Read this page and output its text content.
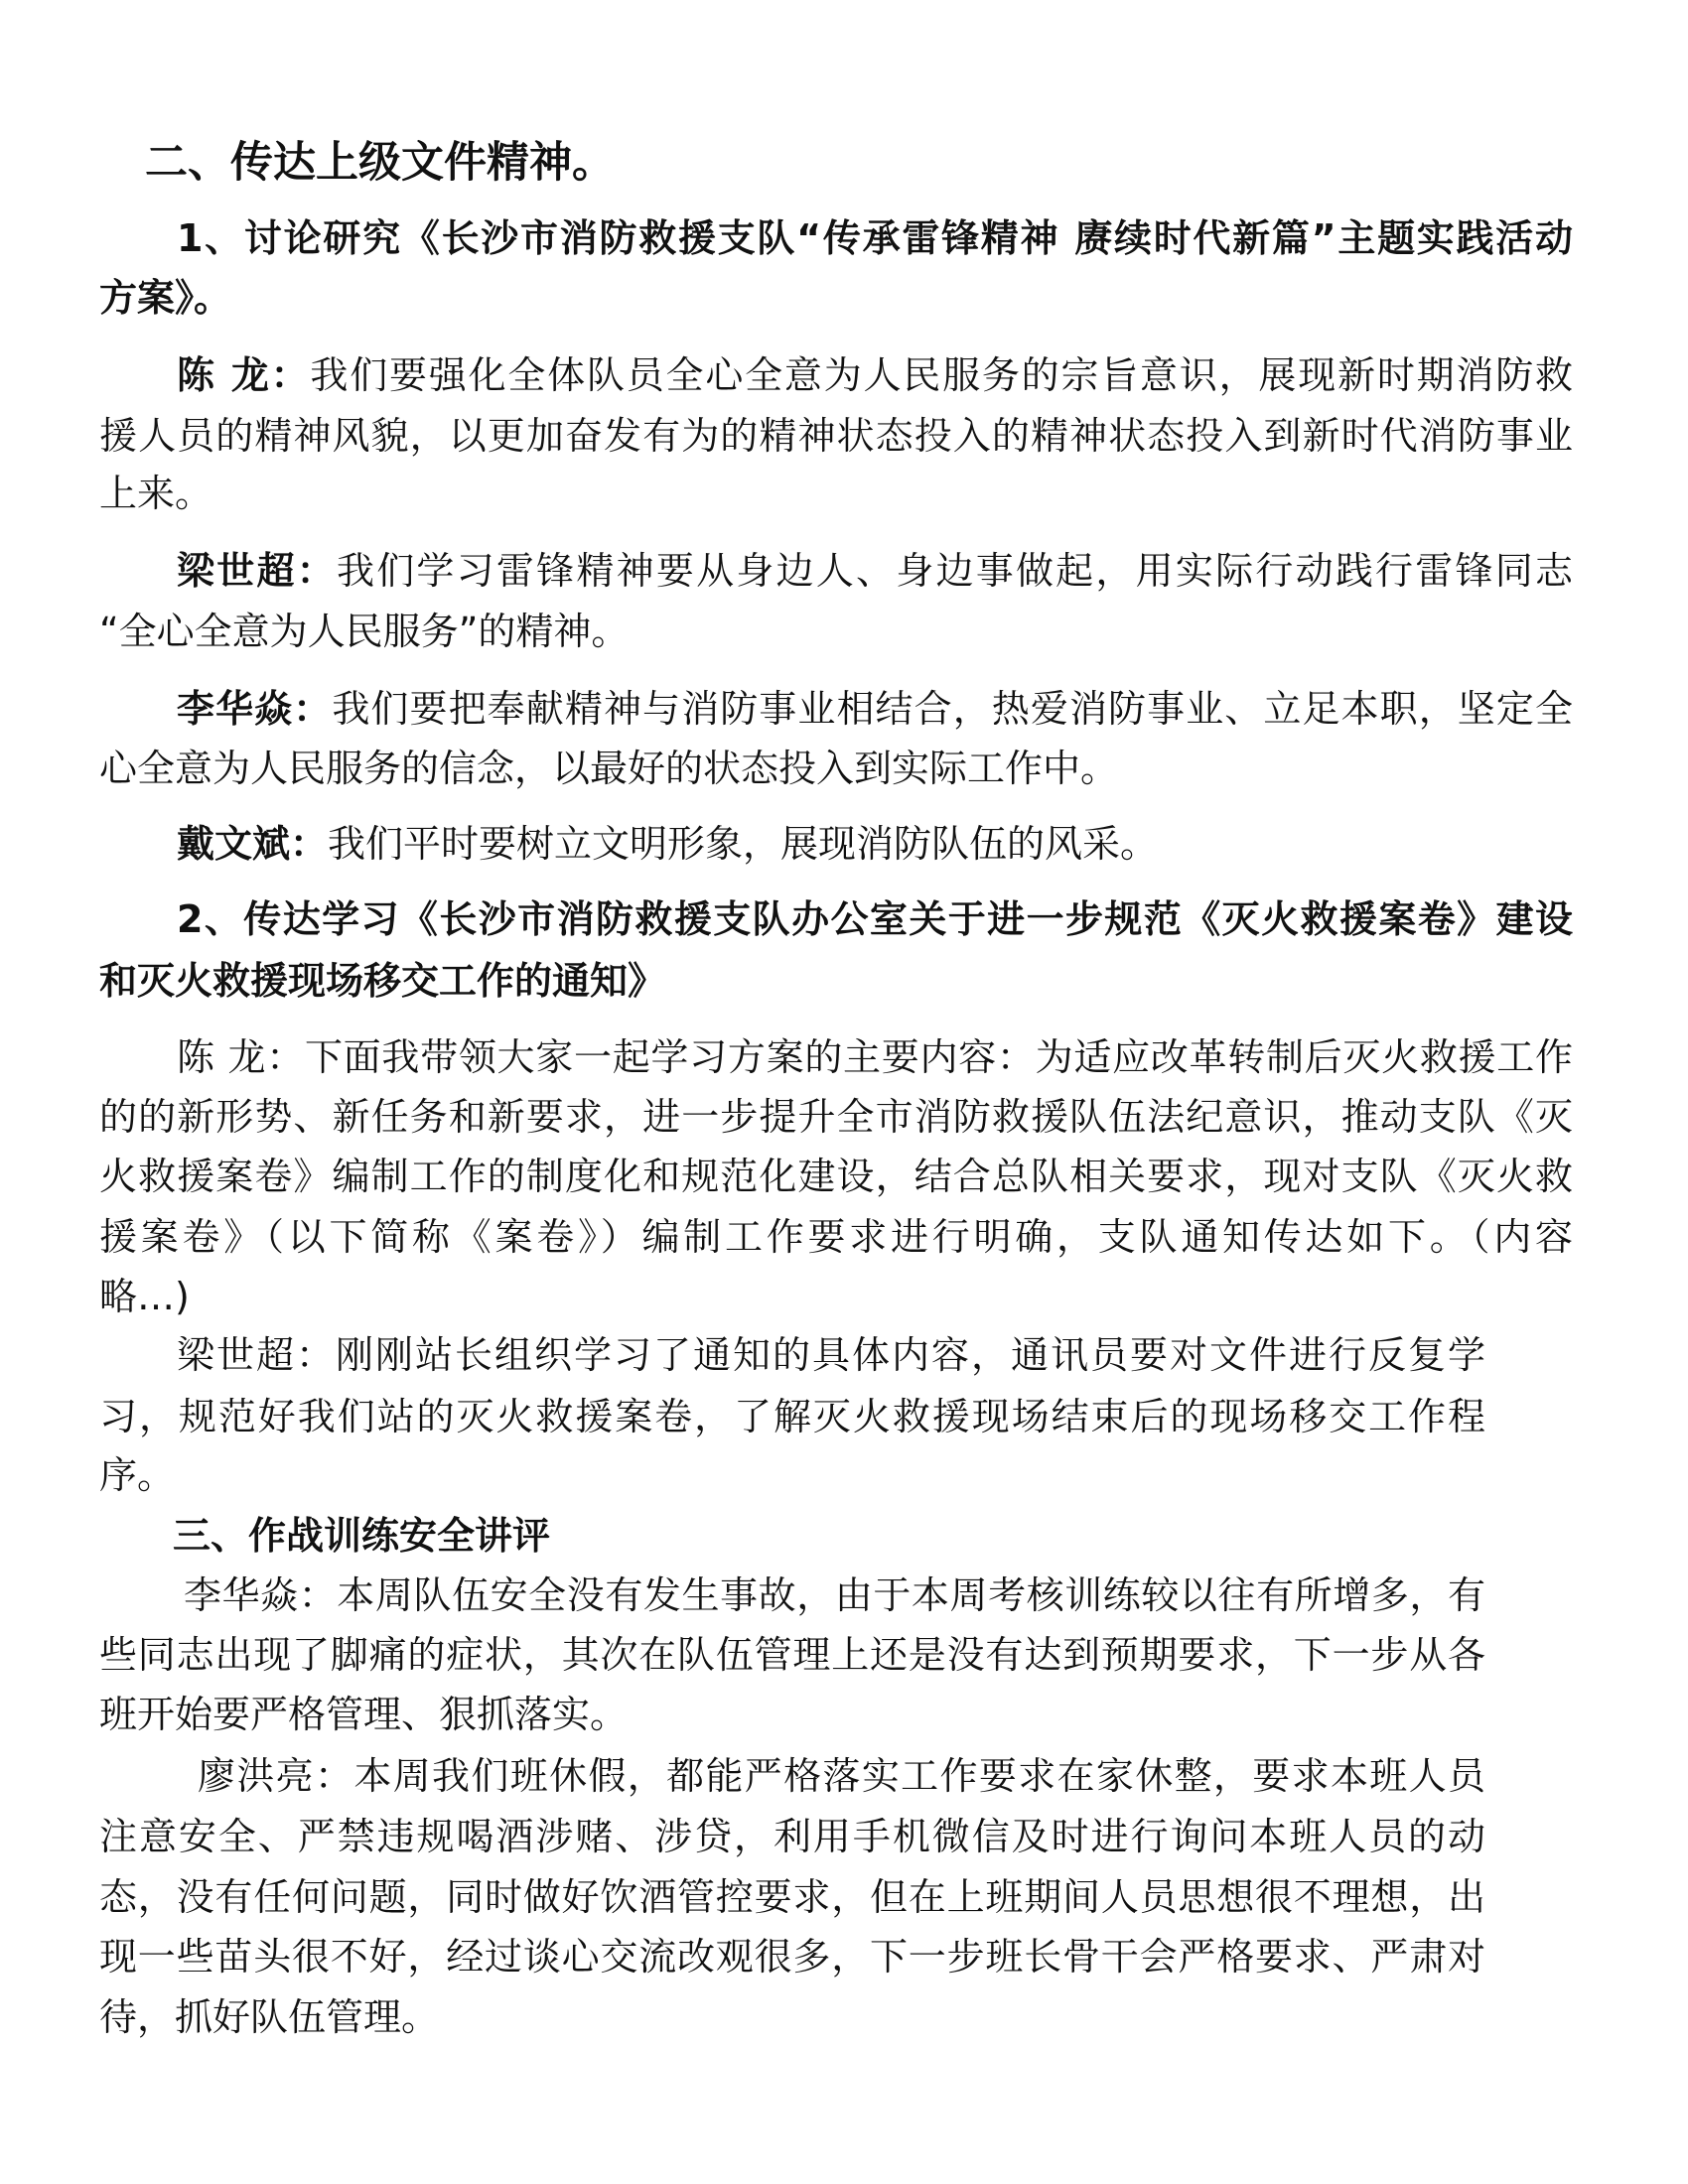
二、传达上级文件精神。
1、讨论研究《长沙市消防救援支队“传承雷锋精神 赓续时代新篇”主题实践活动
方案》。
陈 龙：我们要强化全体队员全心全意为人民服务的宗旨意识，展现新时期消防救
援人员的精神风貌，以更加奋发有为的精神状态投入的精神状态投入到新时代消防事业
上来。
梁世超：我们学习雷锋精神要从身边人、身边事做起，用实际行动践行雷锋同志
“全心全意为人民服务”的精神。
李华焱：我们要把奉献精神与消防事业相结合，热爱消防事业、立足本职，坚定全
心全意为人民服务的信念，以最好的状态投入到实际工作中。
戴文斌：我们平时要树立文明形象，展现消防队伍的风采。
2、传达学习《长沙市消防救援支队办公室关于进一步规范《灭火救援案卷》建设
和灭火救援现场移交工作的通知》
陈 龙：下面我带领大家一起学习方案的主要内容：为适应改革转制后灭火救援工作
的的新形势、新任务和新要求，进一步提升全市消防救援队伍法纪意识，推动支队《灭
火救援案卷》编制工作的制度化和规范化建设，结合总队相关要求，现对支队《灭火救
援案卷》（以下简称《案卷》）编制工作要求进行明确，支队通知传达如下。（内容
略…)
梁世超：刚刚站长组织学习了通知的具体内容，通讯员要对文件进行反复学
习，规范好我们站的灭火救援案卷，了解灭火救援现场结束后的现场移交工作程
序。
三、作战训练安全讲评
李华焱：本周队伍安全没有发生事故，由于本周考核训练较以往有所增多，有
些同志出现了脚痛的症状，其次在队伍管理上还是没有达到预期要求，下一步从各
班开始要严格管理、狠抓落实。
廖洪亮：本周我们班休假，都能严格落实工作要求在家休整，要求本班人员
注意安全、严禁违规喝酒涉赌、涉贷，利用手机微信及时进行询问本班人员的动
态，没有任何问题，同时做好饮酒管控要求，但在上班期间人员思想很不理想，出
现一些苗头很不好，经过谈心交流改观很多，下一步班长骨干会严格要求、严肃对
待，抓好队伍管理。
